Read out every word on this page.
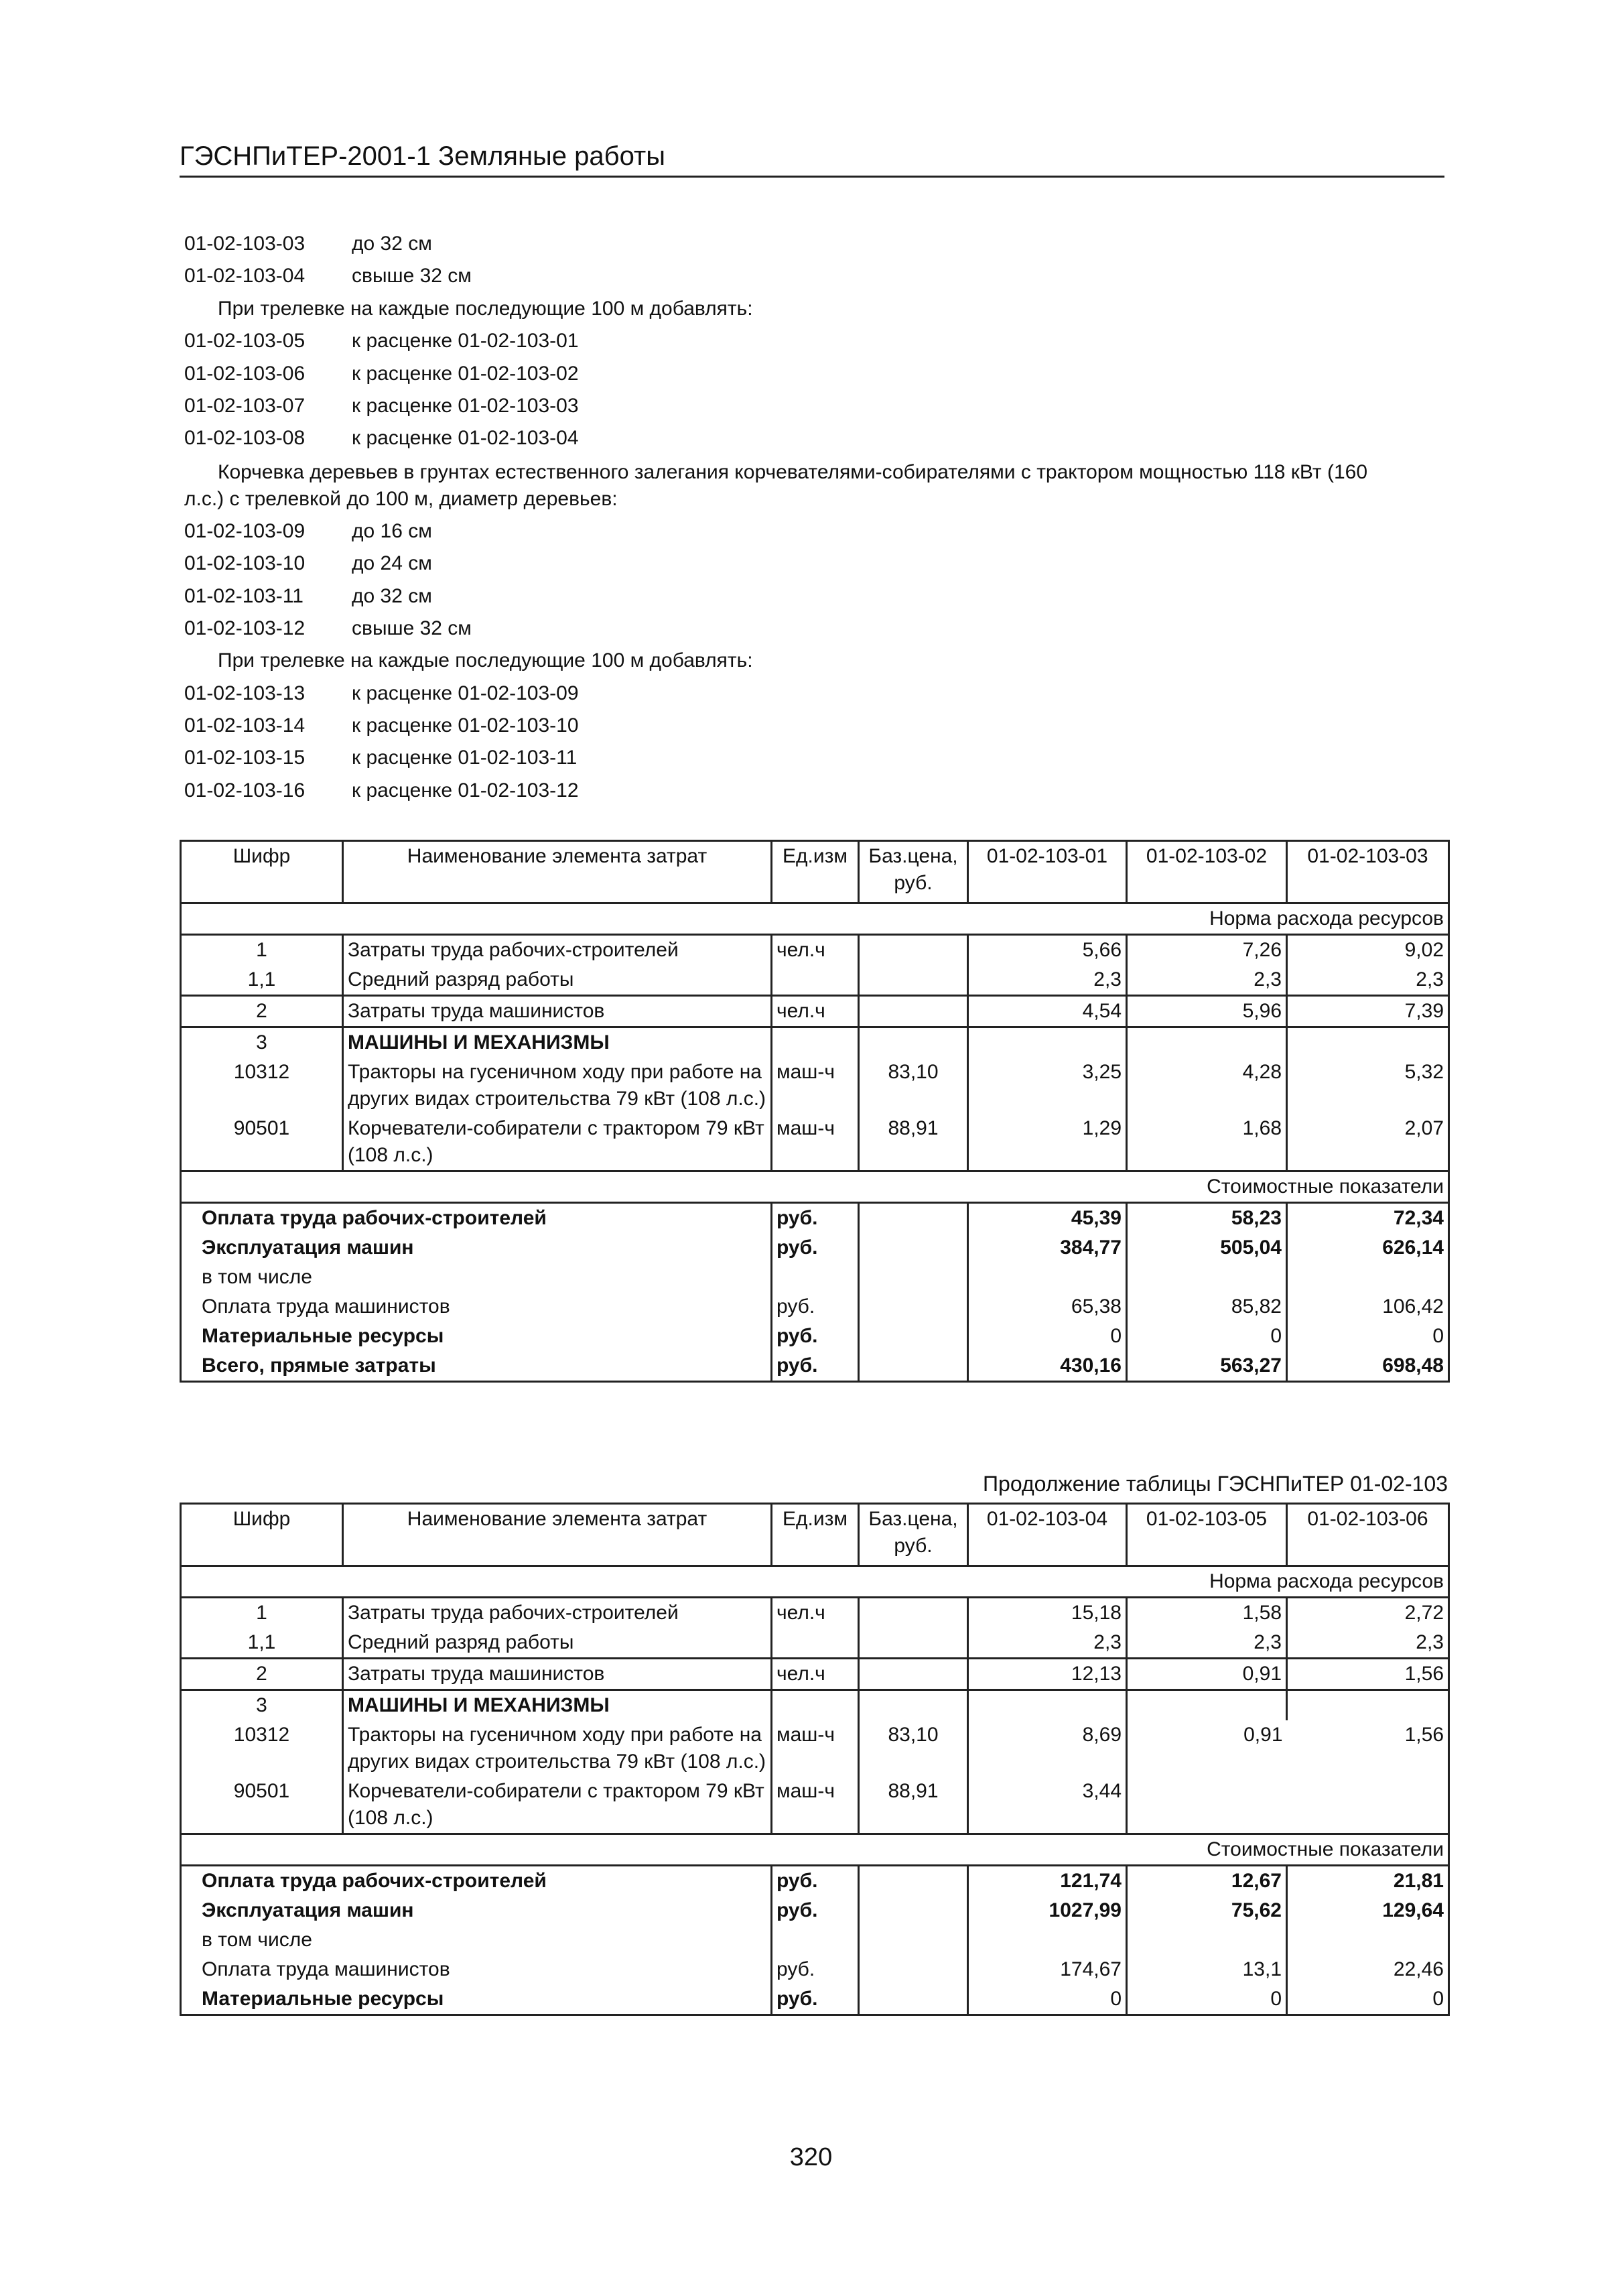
ГЭСНПиТЕР-2001-1 Земляные работы
01-02-103-03 до 32 см
01-02-103-04 свыше 32 см
При трелевке на каждые последующие 100 м добавлять:
01-02-103-05 к расценке 01-02-103-01
01-02-103-06 к расценке 01-02-103-02
01-02-103-07 к расценке 01-02-103-03
01-02-103-08 к расценке 01-02-103-04
Корчевка деревьев в грунтах естественного залегания корчевателями-собирателями с трактором мощностью 118 кВт (160
л.с.) с трелевкой до 100 м, диаметр деревьев:
01-02-103-09 до 16 см
01-02-103-10 до 24 см
01-02-103-11 до 32 см
01-02-103-12 свыше 32 см
При трелевке на каждые последующие 100 м добавлять:
01-02-103-13 к расценке 01-02-103-09
01-02-103-14 к расценке 01-02-103-10
01-02-103-15 к расценке 01-02-103-11
01-02-103-16 к расценке 01-02-103-12
Шифр	Наименование элемента затрат	Ед.изм	Баз.цена, руб.	01-02-103-01	01-02-103-02	01-02-103-03
Норма расхода ресурсов						
1	Затраты труда рабочих-строителей	чел.ч		5,66	7,26	9,02
1,1	Средний разряд работы			2,3	2,3	2,3
2	Затраты труда машинистов	чел.ч		4,54	5,96	7,39
3	МАШИНЫ И МЕХАНИЗМЫ					
10312	Тракторы на гусеничном ходу при работе на других видах строительства 79 кВт (108 л.с.)	маш-ч	83,10	3,25	4,28	5,32
90501	Корчеватели-собиратели с трактором 79 кВт (108 л.с.)	маш-ч	88,91	1,29	1,68	2,07
Стоимостные показатели						
Оплата труда рабочих-строителей		руб.		45,39	58,23	72,34
Эксплуатация машин		руб.		384,77	505,04	626,14
в том числе						
Оплата труда машинистов		руб.		65,38	85,82	106,42
Материальные ресурсы		руб.		0	0	0
Всего, прямые затраты		руб.		430,16	563,27	698,48
Продолжение таблицы ГЭСНПиТЕР 01-02-103
Шифр	Наименование элемента затрат	Ед.изм	Баз.цена, руб.	01-02-103-04	01-02-103-05	01-02-103-06
Норма расхода ресурсов						
1	Затраты труда рабочих-строителей	чел.ч		15,18	1,58	2,72
1,1	Средний разряд работы			2,3	2,3	2,3
2	Затраты труда машинистов	чел.ч		12,13	0,91	1,56
3	МАШИНЫ И МЕХАНИЗМЫ					
10312	Тракторы на гусеничном ходу при работе на других видах строительства 79 кВт (108 л.с.)	маш-ч	83,10	8,69	0,91	1,56
90501	Корчеватели-собиратели с трактором 79 кВт (108 л.с.)	маш-ч	88,91	3,44		
Стоимостные показатели						
Оплата труда рабочих-строителей		руб.		121,74	12,67	21,81
Эксплуатация машин		руб.		1027,99	75,62	129,64
в том числе						
Оплата труда машинистов		руб.		174,67	13,1	22,46
Материальные ресурсы		руб.		0	0	0
320
